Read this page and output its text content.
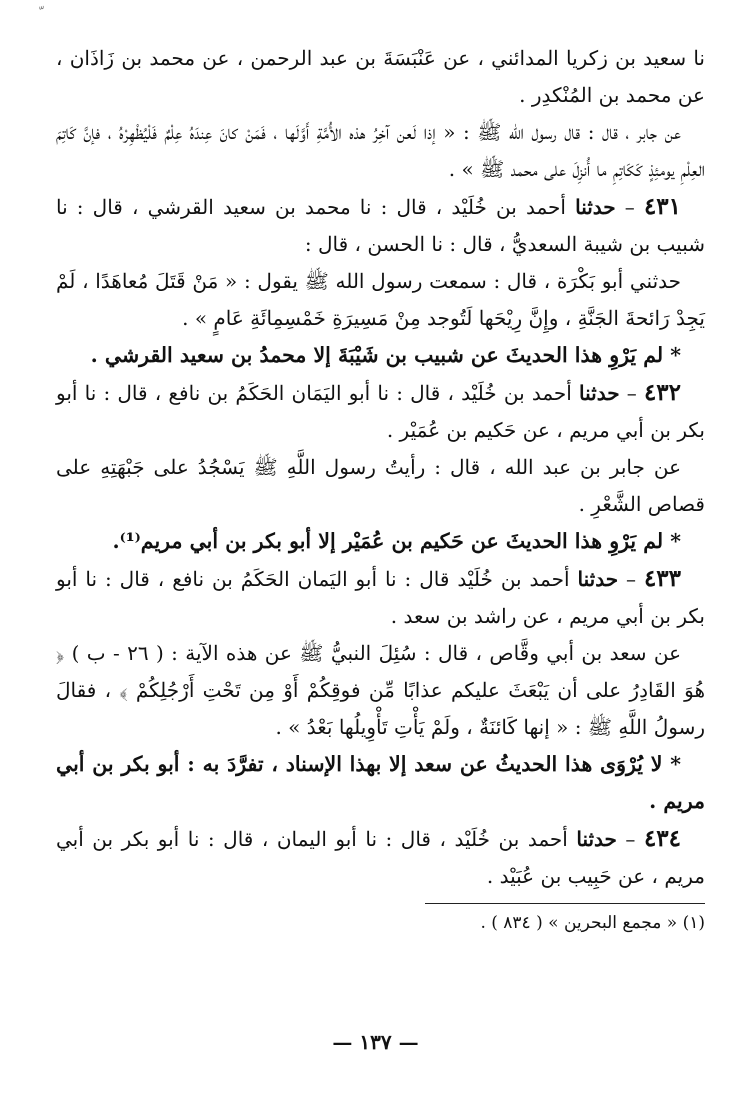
نا سعيد بن زكريا المدائني ، عن عَنْبَسَةَ بن عبد الرحمن ، عن محمد بن زَاذَان ، عن محمد بن المُنْكدِر .

عن جابر ، قال : قال رسول الله ﷺ : « إذا لَعن آخِرُ هذه الأُمَّةِ أَوَّلَها ، فَمَنْ كانَ عِندَهُ عِلْمٌ فَلْيُظْهِرْهُ ، فإنَّ كَاتِمَ العِلْمِ يومئِذٍ كَكَاتِمِ ما أُنزِلَ على محمد ﷺ » .

٤٣١ – حدثنا أحمد بن خُلَيْد ، قال : نا محمد بن سعيد القرشي ، قال : نا شبيب بن شيبة السعديُّ ، قال : نا الحسن ، قال :

حدثني أبو بَكْرَة ، قال : سمعت رسول الله ﷺ يقول : « مَنْ قَتَلَ مُعاهَدًا ، لَمْ يَجِدْ رَائحةَ الجَنَّةِ ، وإِنَّ رِيْحَها لَتُوجد مِنْ مَسِيرَةِ خَمْسِمِائَةِ عَامٍ » .

* لم يَرْوِ هذا الحديثَ عن شبيب بن شَيْبَةَ إلا محمدُ بن سعيد القرشي .

٤٣٢ – حدثنا أحمد بن خُلَيْد ، قال : نا أبو اليَمَان الحَكَمُ بن نافع ، قال : نا أبو بكر بن أبي مريم ، عن حَكيم بن عُمَيْر .

عن جابر بن عبد الله ، قال : رأيتُ رسول اللَّهِ ﷺ يَسْجُدُ على جَبْهَتِهِ على قصاص الشَّعْرِ .

* لم يَرْوِ هذا الحديثَ عن حَكيم بن عُمَيْر إلا أبو بكر بن أبي مريم⁽¹⁾.

٤٣٣ – حدثنا أحمد بن خُلَيْد قال : نا أبو اليَمان الحَكَمُ بن نافع ، قال : نا أبو بكر بن أبي مريم ، عن راشد بن سعد .

عن سعد بن أبي وقَّاص ، قال : سُئِلَ النبيُّ ﷺ عن هذه الآية : ( ٢٦ - ب ) ﴿ هُوَ القَادِرُ على أن يَبْعَثَ عليكم عذابًا مِّن فوقِكُمْ أَوْ مِن تَحْتِ أَرْجُلِكُمْ ﴾ ، فقالَ رسولُ اللَّهِ ﷺ : « إنها كَائنَةٌ ، ولَمْ يَأْتِ تَأْوِيلُها بَعْدُ » .

* لا يُرْوَى هذا الحديثُ عن سعد إلا بهذا الإسناد ، تفرَّدَ به : أبو بكر بن أبي مريم .

٤٣٤ – حدثنا أحمد بن خُلَيْد ، قال : نا أبو اليمان ، قال : نا أبو بكر بن أبي مريم ، عن حَبِيب بن عُبَيْد .

(١) « مجمع البحرين » ( ٨٣٤ ) .

— ١٣٧ —
